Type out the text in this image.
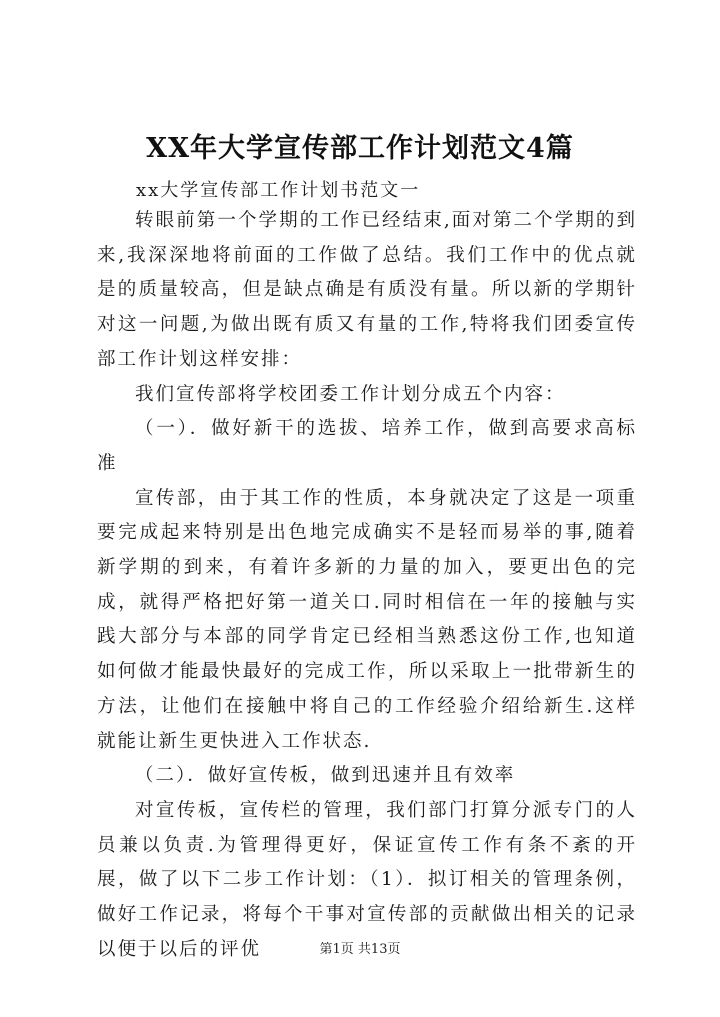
XX年大学宣传部工作计划范文4篇
xx大学宣传部工作计划书范文一

转眼前第一个学期的工作已经结束,面对第二个学期的到来,我深深地将前面的工作做了总结。我们工作中的优点就是的质量较高，但是缺点确是有质没有量。所以新的学期针对这一问题,为做出既有质又有量的工作,特将我们团委宣传部工作计划这样安排：

我们宣传部将学校团委工作计划分成五个内容：

（一）．做好新干的选拔、培养工作，做到高要求高标准

宣传部，由于其工作的性质，本身就决定了这是一项重要完成起来特别是出色地完成确实不是轻而易举的事,随着新学期的到来，有着许多新的力量的加入，要更出色的完成，就得严格把好第一道关口.同时相信在一年的接触与实践大部分与本部的同学肯定已经相当熟悉这份工作,也知道如何做才能最快最好的完成工作，所以采取上一批带新生的方法，让他们在接触中将自己的工作经验介绍给新生.这样就能让新生更快进入工作状态.

（二）．做好宣传板，做到迅速并且有效率

对宣传板，宣传栏的管理，我们部门打算分派专门的人员兼以负责.为管理得更好，保证宣传工作有条不紊的开展，做了以下二步工作计划：（1）．拟订相关的管理条例，做好工作记录，将每个干事对宣传部的贡献做出相关的记录以便于以后的评优	第1页 共13页
